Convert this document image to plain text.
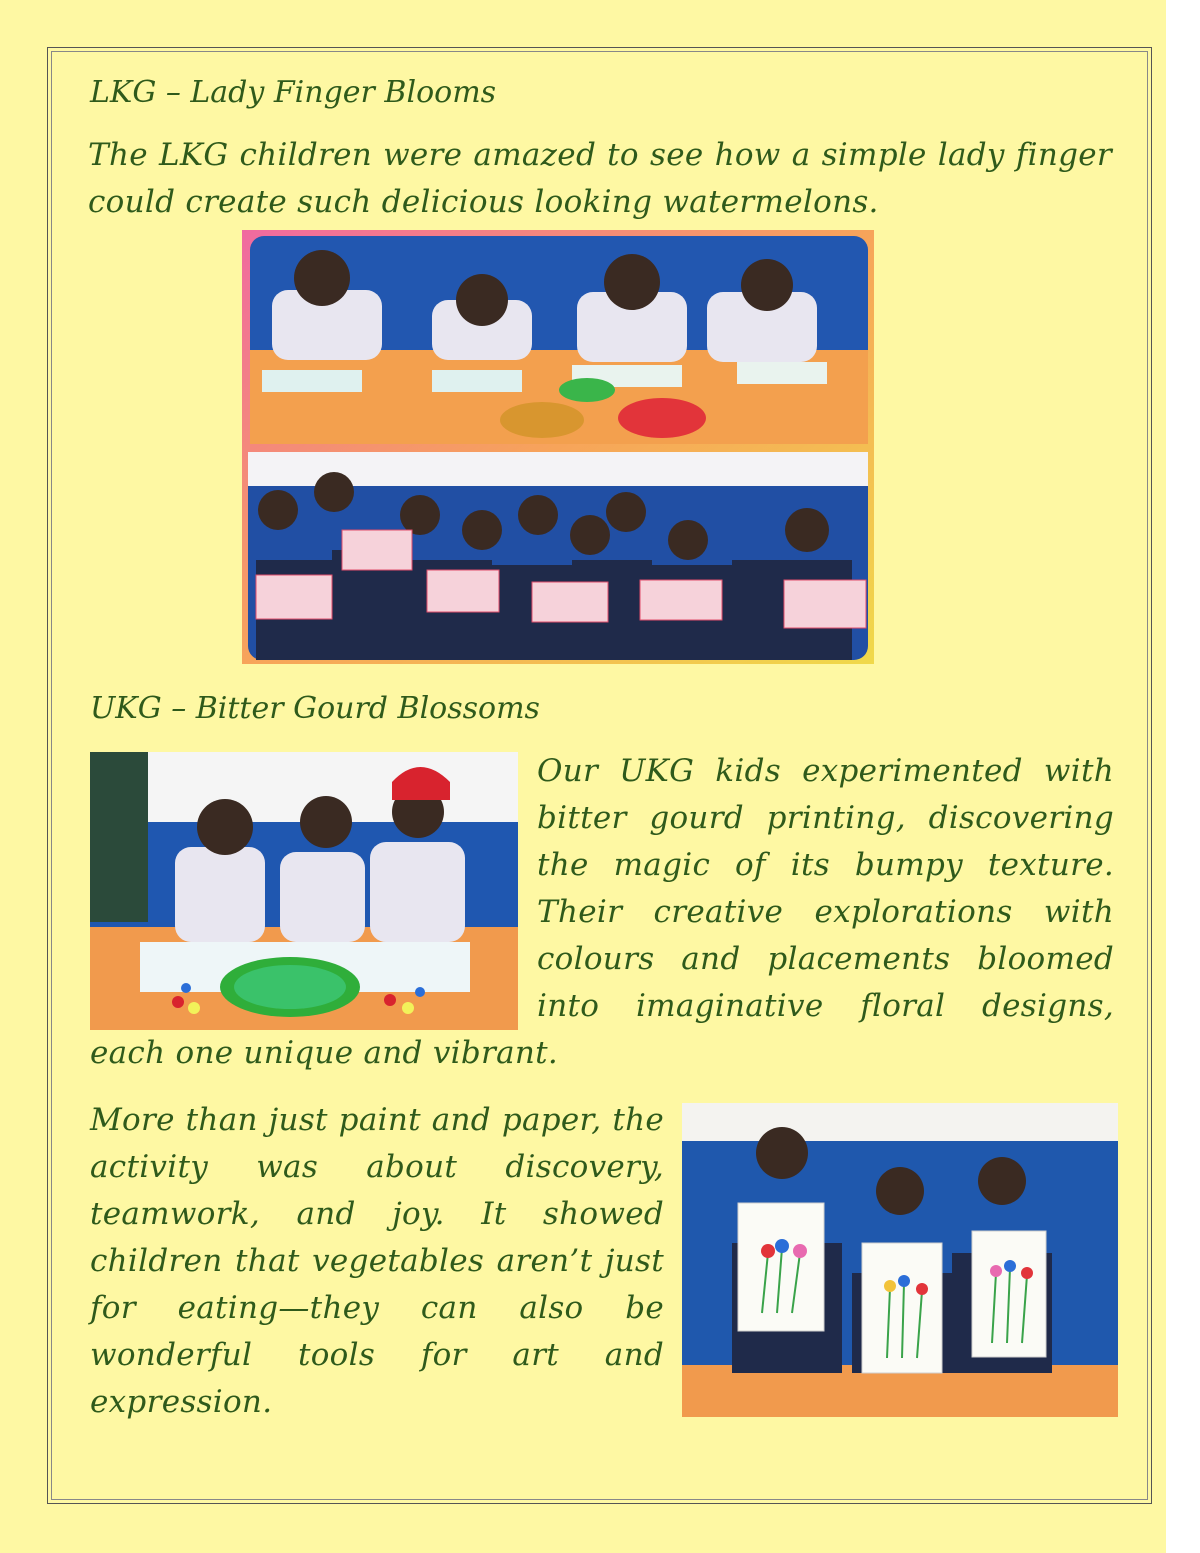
LKG – Lady Finger Blooms
The LKG children were amazed to see how a simple lady finger could create such delicious looking watermelons.
UKG – Bitter Gourd Blossoms
Our UKG kids experimented with bitter gourd printing, discovering the magic of its bumpy texture. Their creative explorations with colours and placements bloomed into imaginative floral designs, each one unique and vibrant.
More than just paint and paper, the activity was about discovery, teamwork, and joy. It showed children that vegetables aren’t just for eating—they can also be wonderful tools for art and expression.
